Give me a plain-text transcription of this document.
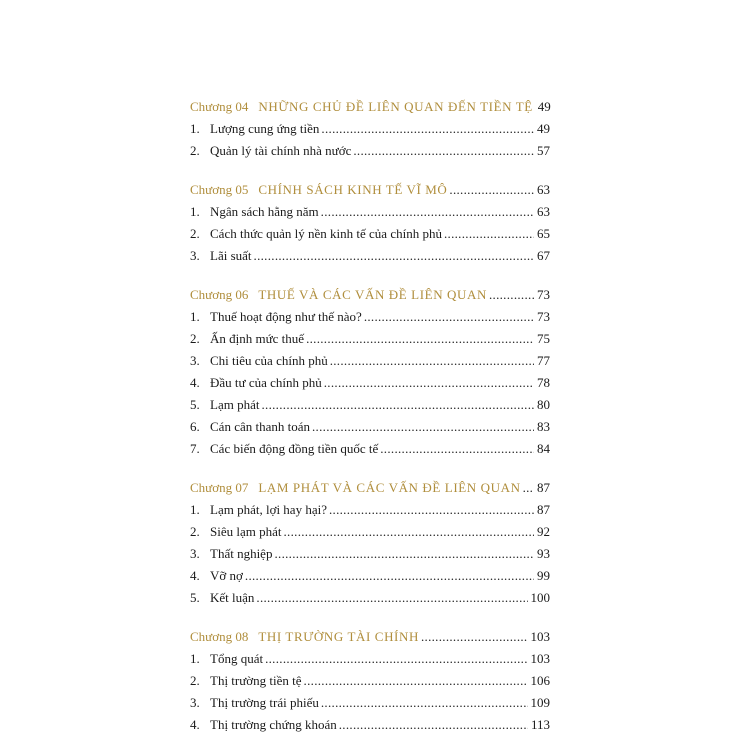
Chương 04 NHỮNG CHỦ ĐỀ LIÊN QUAN ĐẾN TIỀN TỆ 49
1. Lượng cung ứng tiền .....	49
2. Quản lý tài chính nhà nước .....	57
Chương 05 CHÍNH SÁCH KINH TẾ VĨ MÔ .....	63
1. Ngân sách hằng năm .....	63
2. Cách thức quản lý nền kinh tế của chính phủ .....	65
3. Lãi suất .....	67
Chương 06 THUẾ VÀ CÁC VẤN ĐỀ LIÊN QUAN .....	73
1. Thuế hoạt động như thế nào? .....	73
2. Ấn định mức thuế .....	75
3. Chi tiêu của chính phủ .....	77
4. Đầu tư của chính phủ .....	78
5. Lạm phát .....	80
6. Cán cân thanh toán .....	83
7. Các biến động đồng tiền quốc tế .....	84
Chương 07 LẠM PHÁT VÀ CÁC VẤN ĐỀ LIÊN QUAN ..... 87
1. Lạm phát, lợi hay hại? .....	87
2. Siêu lạm phát .....	92
3. Thất nghiệp .....	93
4. Vỡ nợ .....	99
5. Kết luận .....	100
Chương 08 THỊ TRƯỜNG TÀI CHÍNH .....	103
1. Tổng quát .....	103
2. Thị trường tiền tệ .....	106
3. Thị trường trái phiếu .....	109
4. Thị trường chứng khoán .....	113
